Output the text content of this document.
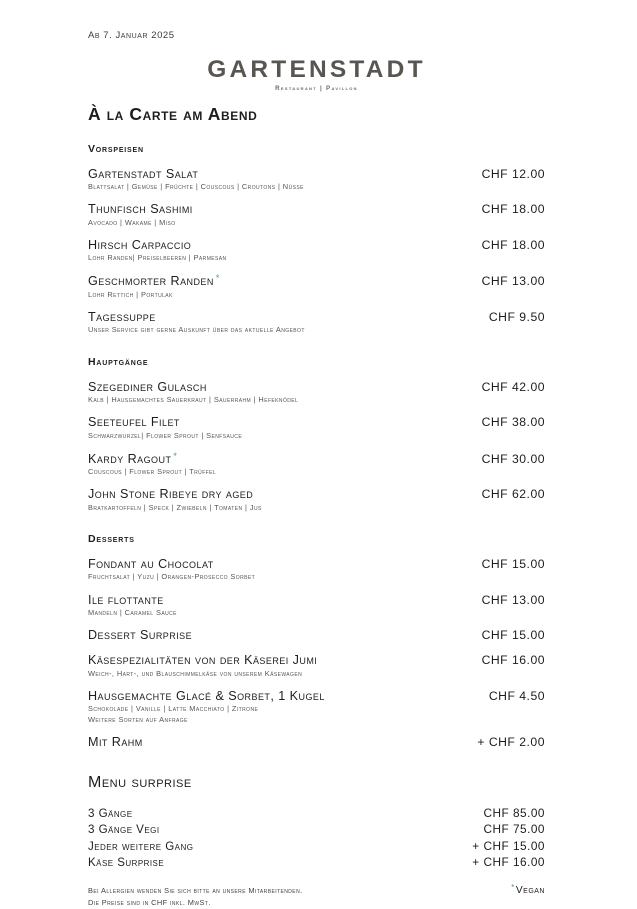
Ab 7. Januar 2025
GARTENSTADT
Restaurant | Pavillon
À la Carte am Abend
Vorspeisen
Gartenstadt Salat	CHF 12.00
Blattsalat | Gemüse | Früchte | Couscous | Croutons | Nüsse
Thunfisch Sashimi	CHF 18.00
Avocado | Wakame | Miso
Hirsch Carpaccio	CHF 18.00
Lohr Randen| Preiselbeeren | Parmesan
Geschmorter Randen *	CHF 13.00
Lohr Rettich | Portulak
Tagessuppe	CHF 9.50
Unser Service gibt gerne Auskunft über das aktuelle Angebot
Hauptgänge
Szegediner Gulasch	CHF 42.00
Kalb | Hausgemachtes Sauerkraut | Sauerrahm | Hefeknödel
Seeteufel Filet	CHF 38.00
Schwarzwurzel| Flower Sprout | Senfsauce
Kardy Ragout *	CHF 30.00
Couscous | Flower Sprout | Trüffel
John Stone Ribeye dry aged	CHF 62.00
Bratkartoffeln | Speck | Zwiebeln | Tomaten | Jus
Desserts
Fondant au Chocolat	CHF 15.00
Fruchtsalat | Yuzu | Orangen-Prosecco Sorbet
Ile flottante	CHF 13.00
Mandeln | Caramel Sauce
Dessert Surprise	CHF 15.00
Käsespezialitäten von der Käserei Jumi	CHF 16.00
Weich-, Hart-, und Blauschimmelkäse von unserem Käsewagen
Hausgemachte Glacé & Sorbet, 1 Kugel	CHF 4.50
Schokolade | Vanille | Latte Macchiato | Zitrone
Weitere Sorten auf Anfrage
Mit Rahm	+ CHF 2.00
Menu surprise
3 Gänge	CHF 85.00
3 Gänge Vegi	CHF 75.00
Jeder weitere Gang	+ CHF 15.00
Käse Surprise	+ CHF 16.00
Bei Allergien wenden Sie sich bitte an unsere Mitarbeitenden.
Die Preise sind in CHF inkl. MwSt.
*Vegan
